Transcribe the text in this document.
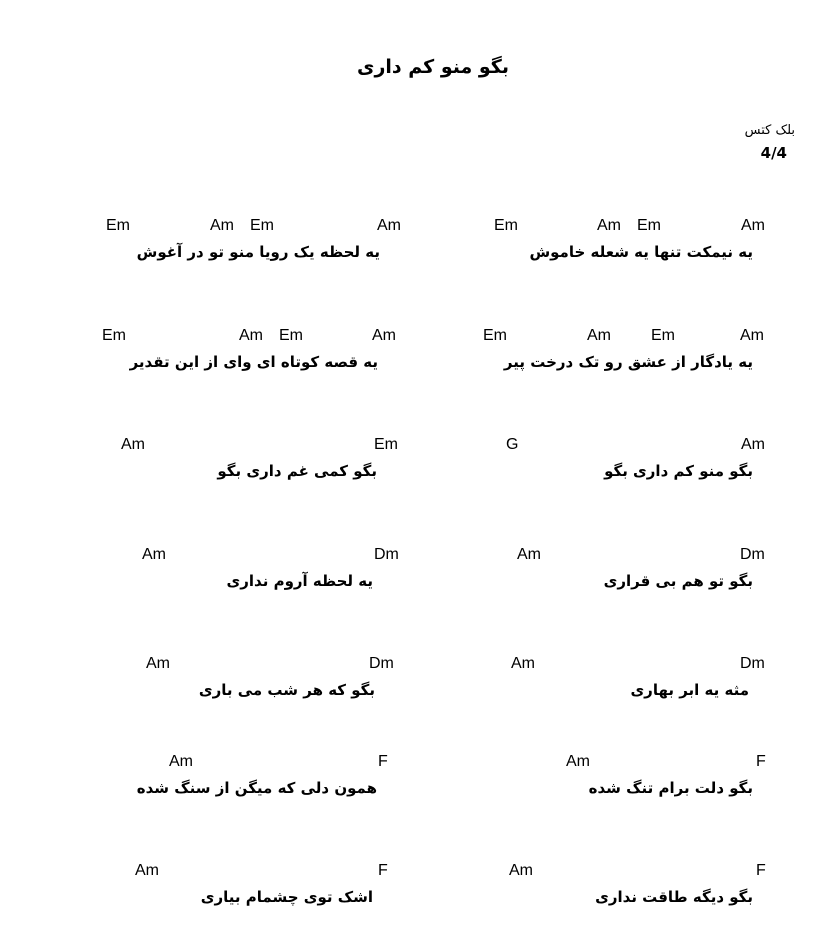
بگو منو کم داری
بلک کتس
4/4
Em	Am Em	Am
یه نیمکت تنها یه شعله خاموش
Em	Am Em	Am
یه لحظه یک رویا منو تو در آغوش
Em	Am	Em	Am
یه یادگار از عشق رو تک درخت پیر
Em	Am Em	Am
یه قصه کوتاه ای وای از این تقدیر
G	Am
بگو منو کم داری بگو
Am	Em
بگو کمی غم داری بگو
Am	Dm
بگو تو هم بی قراری
Am	Dm
یه لحظه آروم نداری
Am	Dm
مثه یه ابر بهاری
Am	Dm
بگو که هر شب می باری
Am	F
بگو دلت برام تنگ شده
Am	F
همون دلی که میگن از سنگ شده
Am	F
بگو دیگه طاقت نداری
Am	F
اشک توی چشمام بیاری
